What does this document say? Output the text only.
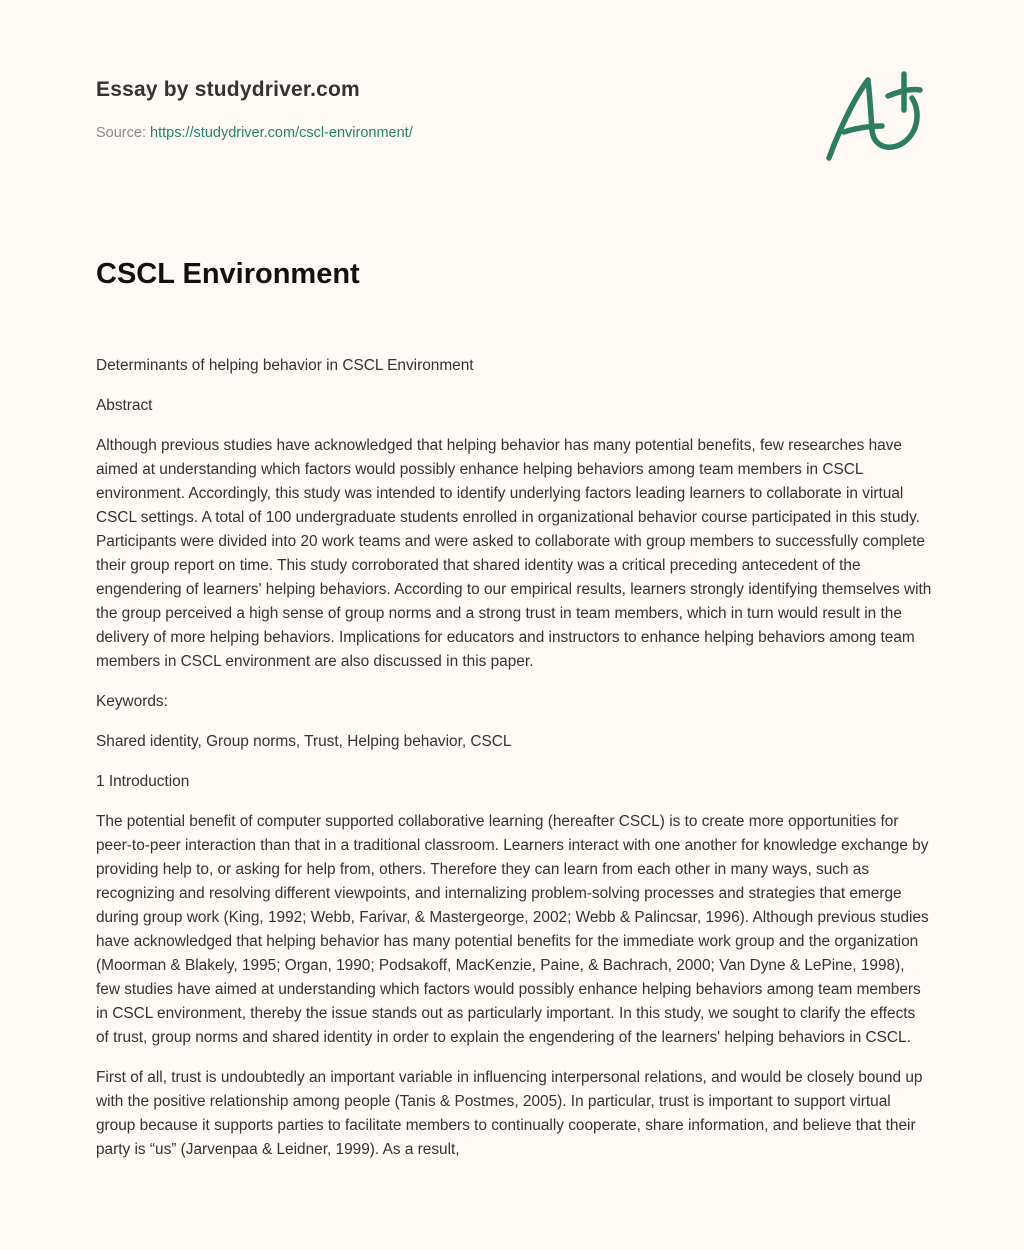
Essay by studydriver.com
Source: https://studydriver.com/cscl-environment/
CSCL Environment

Determinants of helping behavior in CSCL Environment

Abstract

Although previous studies have acknowledged that helping behavior has many potential benefits, few researches have aimed at understanding which factors would possibly enhance helping behaviors among team members in CSCL environment. Accordingly, this study was intended to identify underlying factors leading learners to collaborate in virtual CSCL settings. A total of 100 undergraduate students enrolled in organizational behavior course participated in this study. Participants were divided into 20 work teams and were asked to collaborate with group members to successfully complete their group report on time. This study corroborated that shared identity was a critical preceding antecedent of the engendering of learners' helping behaviors. According to our empirical results, learners strongly identifying themselves with the group perceived a high sense of group norms and a strong trust in team members, which in turn would result in the delivery of more helping behaviors. Implications for educators and instructors to enhance helping behaviors among team members in CSCL environment are also discussed in this paper.

Keywords:

Shared identity, Group norms, Trust, Helping behavior, CSCL

1 Introduction

The potential benefit of computer supported collaborative learning (hereafter CSCL) is to create more opportunities for peer-to-peer interaction than that in a traditional classroom. Learners interact with one another for knowledge exchange by providing help to, or asking for help from, others. Therefore they can learn from each other in many ways, such as recognizing and resolving different viewpoints, and internalizing problem-solving processes and strategies that emerge during group work (King, 1992; Webb, Farivar, & Mastergeorge, 2002; Webb & Palincsar, 1996). Although previous studies have acknowledged that helping behavior has many potential benefits for the immediate work group and the organization (Moorman & Blakely, 1995; Organ, 1990; Podsakoff, MacKenzie, Paine, & Bachrach, 2000; Van Dyne & LePine, 1998), few studies have aimed at understanding which factors would possibly enhance helping behaviors among team members in CSCL environment, thereby the issue stands out as particularly important. In this study, we sought to clarify the effects of trust, group norms and shared identity in order to explain the engendering of the learners' helping behaviors in CSCL.

First of all, trust is undoubtedly an important variable in influencing interpersonal relations, and would be closely bound up with the positive relationship among people (Tanis & Postmes, 2005). In particular, trust is important to support virtual group because it supports parties to facilitate members to continually cooperate, share information, and believe that their party is “us” (Jarvenpaa & Leidner, 1999). As a result,
